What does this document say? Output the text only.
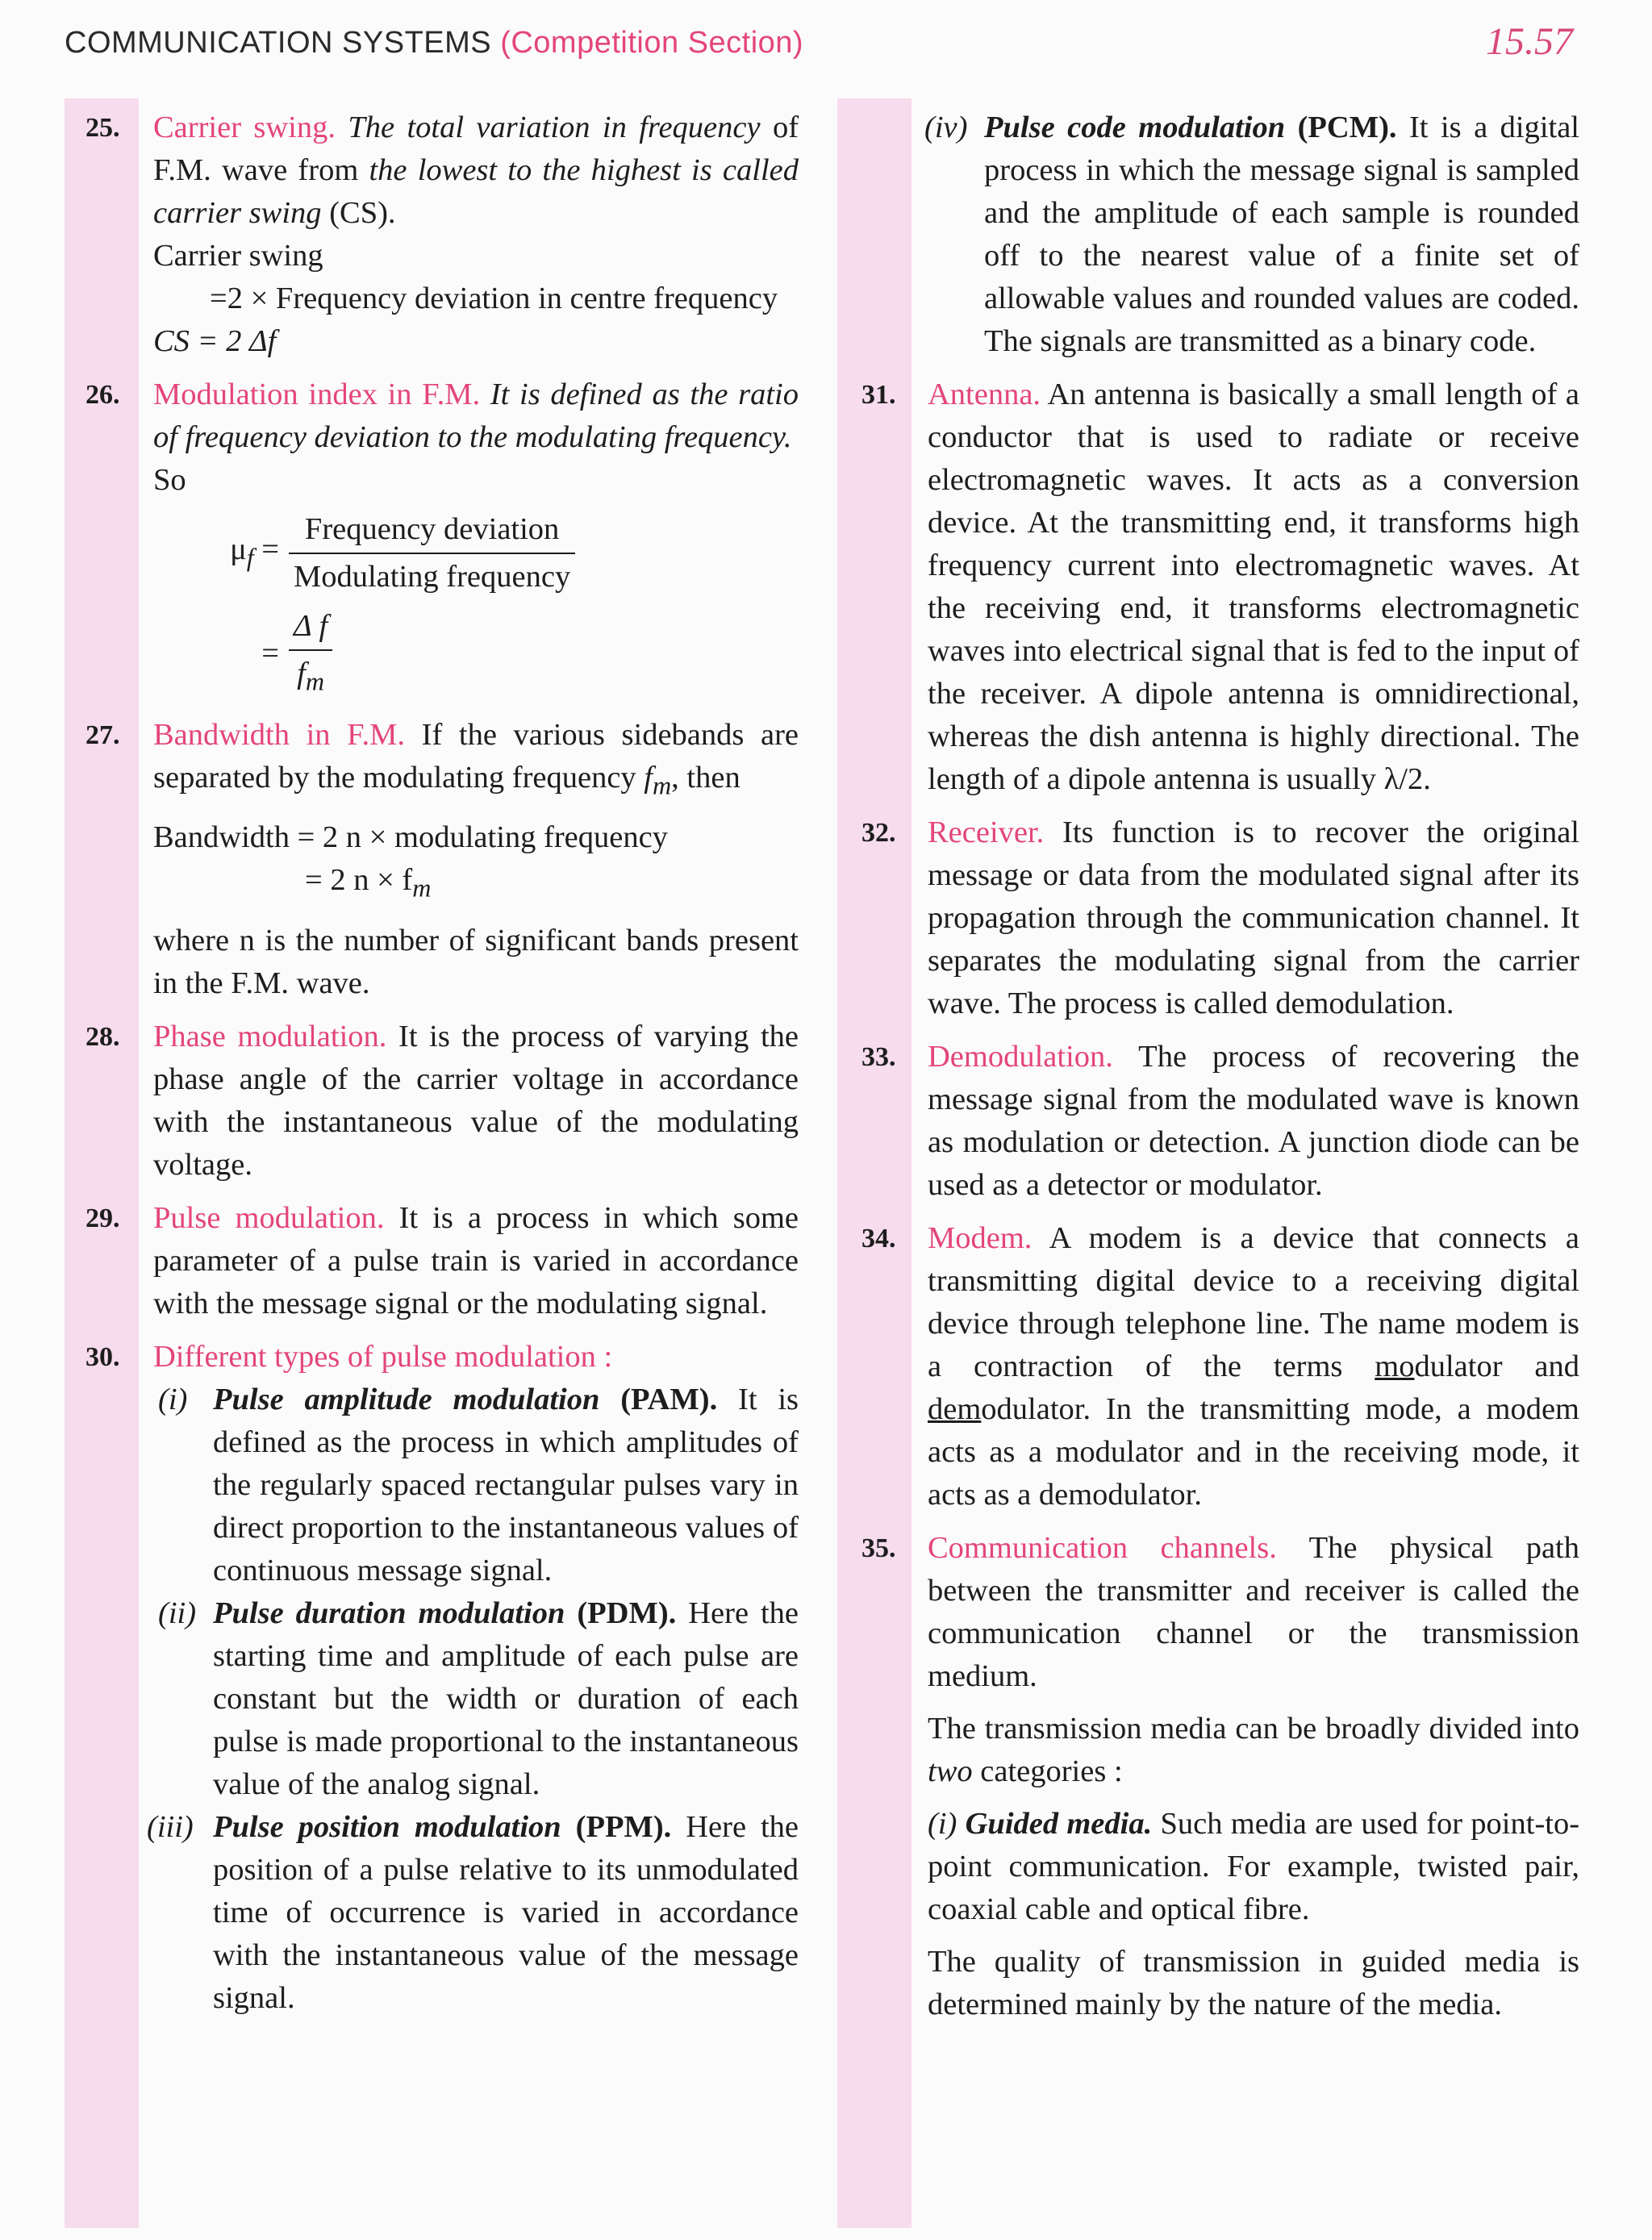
COMMUNICATION SYSTEMS (Competition Section)	15.57
25. Carrier swing. The total variation in frequency of F.M. wave from the lowest to the highest is called carrier swing (CS).

Carrier swing

=2 × Frequency deviation in centre frequency

CS = 2 Δf

26. Modulation index in F.M. It is defined as the ratio of frequency deviation to the modulating frequency.

So

$\mu_f = \frac{\text{Frequency deviation}}{\text{Modulating frequency}}$
= $\frac{\text{Δ f}}{f_m}$
27. Bandwidth in F.M. If the various sidebands are separated by the modulating frequency $f_m$, then

Bandwidth = 2 n × modulating frequency

= 2 $n \times f_m$

where n is the number of significant bands present in the F.M. wave.

28. Phase modulation. It is the process of varying the phase angle of the carrier voltage in accordance with the instantaneous value of the modulating voltage.

29. Pulse modulation. It is a process in which some parameter of a pulse train is varied in accordance with the message signal or the modulating signal.

30. Different types of pulse modulation :

(i) Pulse amplitude modulation (PAM). It is defined as the process in which amplitudes of the regularly spaced rectangular pulses vary in direct proportion to the instantaneous values of continuous message signal.

(ii) Pulse duration modulation (PDM). Here the starting time and amplitude of each pulse are constant but the width or duration of each pulse is made proportional to the instantaneous value of the analog signal.

(iii) Pulse position modulation (PPM). Here the position of a pulse relative to its unmodulated time of occurrence is varied in accordance with the instantaneous value of the message signal.

(iv) Pulse code modulation (PCM). It is a digital process in which the message signal is sampled and the amplitude of each sample is rounded off to the nearest value of a finite set of allowable values and rounded values are coded. The signals are transmitted as a binary code.

31. Antenna. An antenna is basically a small length of a conductor that is used to radiate or receive electromagnetic waves. It acts as a conversion device. At the transmitting end, it transforms high frequency current into electromagnetic waves. At the receiving end, it transforms electromagnetic waves into electrical signal that is fed to the input of the receiver. A dipole antenna is omnidirectional, whereas the dish antenna is highly directional. The length of a dipole antenna is usually λ/2.

32. Receiver. Its function is to recover the original message or data from the modulated signal after its propagation through the communication channel. It separates the modulating signal from the carrier wave. The process is called demodulation.

33. Demodulation. The process of recovering the message signal from the modulated wave is known as modulation or detection. A junction diode can be used as a detector or modulator.

34. Modem. A modem is a device that connects a transmitting digital device to a receiving digital device through telephone line. The name modem is a contraction of the terms modulator and demodulator. In the transmitting mode, a modem acts as a modulator and in the receiving mode, it acts as a demodulator.

35. Communication channels. The physical path between the transmitter and receiver is called the communication channel or the transmission medium.

The transmission media can be broadly divided into two categories :

(i) Guided media. Such media are used for point-to-point communication. For example, twisted pair, coaxial cable and optical fibre.

The quality of transmission in guided media is determined mainly by the nature of the media.
